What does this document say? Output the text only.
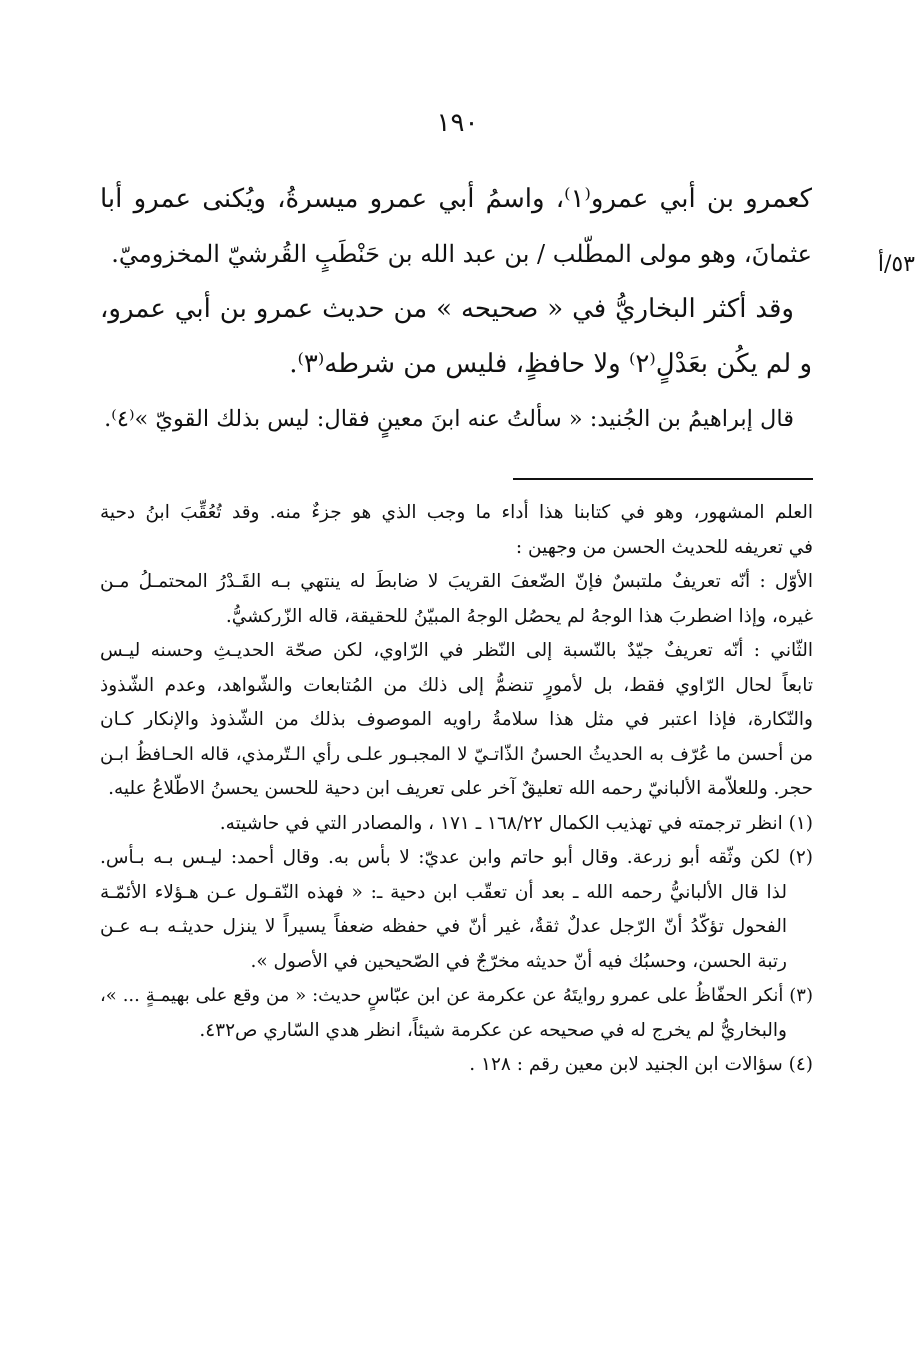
١٩٠
٥٣/أ
كعمرو بن أبي عمرو⁽١⁾، واسمُ أبي عمرو ميسرةُ، ويُكنى عمرو أبا
عثمانَ، وهو مولى المطّلب / بن عبد الله بن حَنْطَبٍ القُرشيّ المخزوميّ.
وقد أكثر البخاريُّ في « صحيحه » من حديث عمرو بن أبي عمرو،
و لم يكُن بعَدْلٍ⁽٢⁾ ولا حافظٍ، فليس من شرطه⁽٣⁾.
قال إبراهيمُ بن الجُنيد: « سألتُ عنه ابنَ معينٍ فقال: ليس بذلك القويّ »⁽٤⁾.
العلم المشهور، وهو في كتابنا هذا أداء ما وجب الذي هو جزءٌ منه. وقد تُعُقِّبَ ابنُ دحية
في تعريفه للحديث الحسن من وجهين :
الأوّل : أنّه تعريفٌ ملتبسٌ فإنّ الضّعفَ القريبَ لا ضابطَ له ينتهي بـه القَـدْرُ المحتمـلُ مـن
غيره، وإذا اضطربَ هذا الوجهُ لم يحصُل الوجهُ المبيّنُ للحقيقة، قاله الزّركشيُّ.
الثّاني : أنّه تعريفٌ جيّدٌ بالنّسبة إلى النّظر في الرّاوي، لكن صحّة الحديـثِ وحسنه ليـس
تابعاً لحال الرّاوي فقط، بل لأمورٍ تنضمُّ إلى ذلك من المُتابعات والشّواهد، وعدم الشّذوذ
والنّكارة، فإذا اعتبر في مثل هذا سلامةُ راويه الموصوف بذلك من الشّذوذ والإنكار كـان
من أحسن ما عُرّف به الحديثُ الحسنُ الذّاتـيّ لا المجبـور علـى رأي الـتّرمذي، قاله الحـافظُ ابـن
حجر. وللعلاّمة الألبانيّ رحمه الله تعليقٌ آخر على تعريف ابن دحية للحسن يحسنُ الاطّلاعُ عليه.
(١) انظر ترجمته في تهذيب الكمال ١٦٨/٢٢ ـ ١٧١ ، والمصادر التي في حاشيته.
(٢) لكن وثّقه أبو زرعة. وقال أبو حاتم وابن عديّ: لا بأس به. وقال أحمد: ليـس بـه بـأس.
لذا قال الألبانيُّ رحمه الله ـ بعد أن تعقّب ابن دحية ـ: « فهذه النّقـول عـن هـؤلاء الأئمّـة
الفحول تؤكّدُ أنّ الرّجل عدلٌ ثقةٌ، غير أنّ في حفظه ضعفاً يسيراً لا ينزل حديثـه بـه عـن
رتبة الحسن، وحسبُك فيه أنّ حديثه مخرّجٌ في الصّحيحين في الأصول ».
(٣) أنكر الحفّاظُ على عمرو روايتَهُ عن عكرمة عن ابن عبّاسٍ حديث: « من وقع على بهيمـةٍ ... »،
والبخاريُّ لم يخرج له في صحيحه عن عكرمة شيئاً، انظر هدي السّاري ص٤٣٢.
(٤) سؤالات ابن الجنيد لابن معين رقم : ١٢٨ .
